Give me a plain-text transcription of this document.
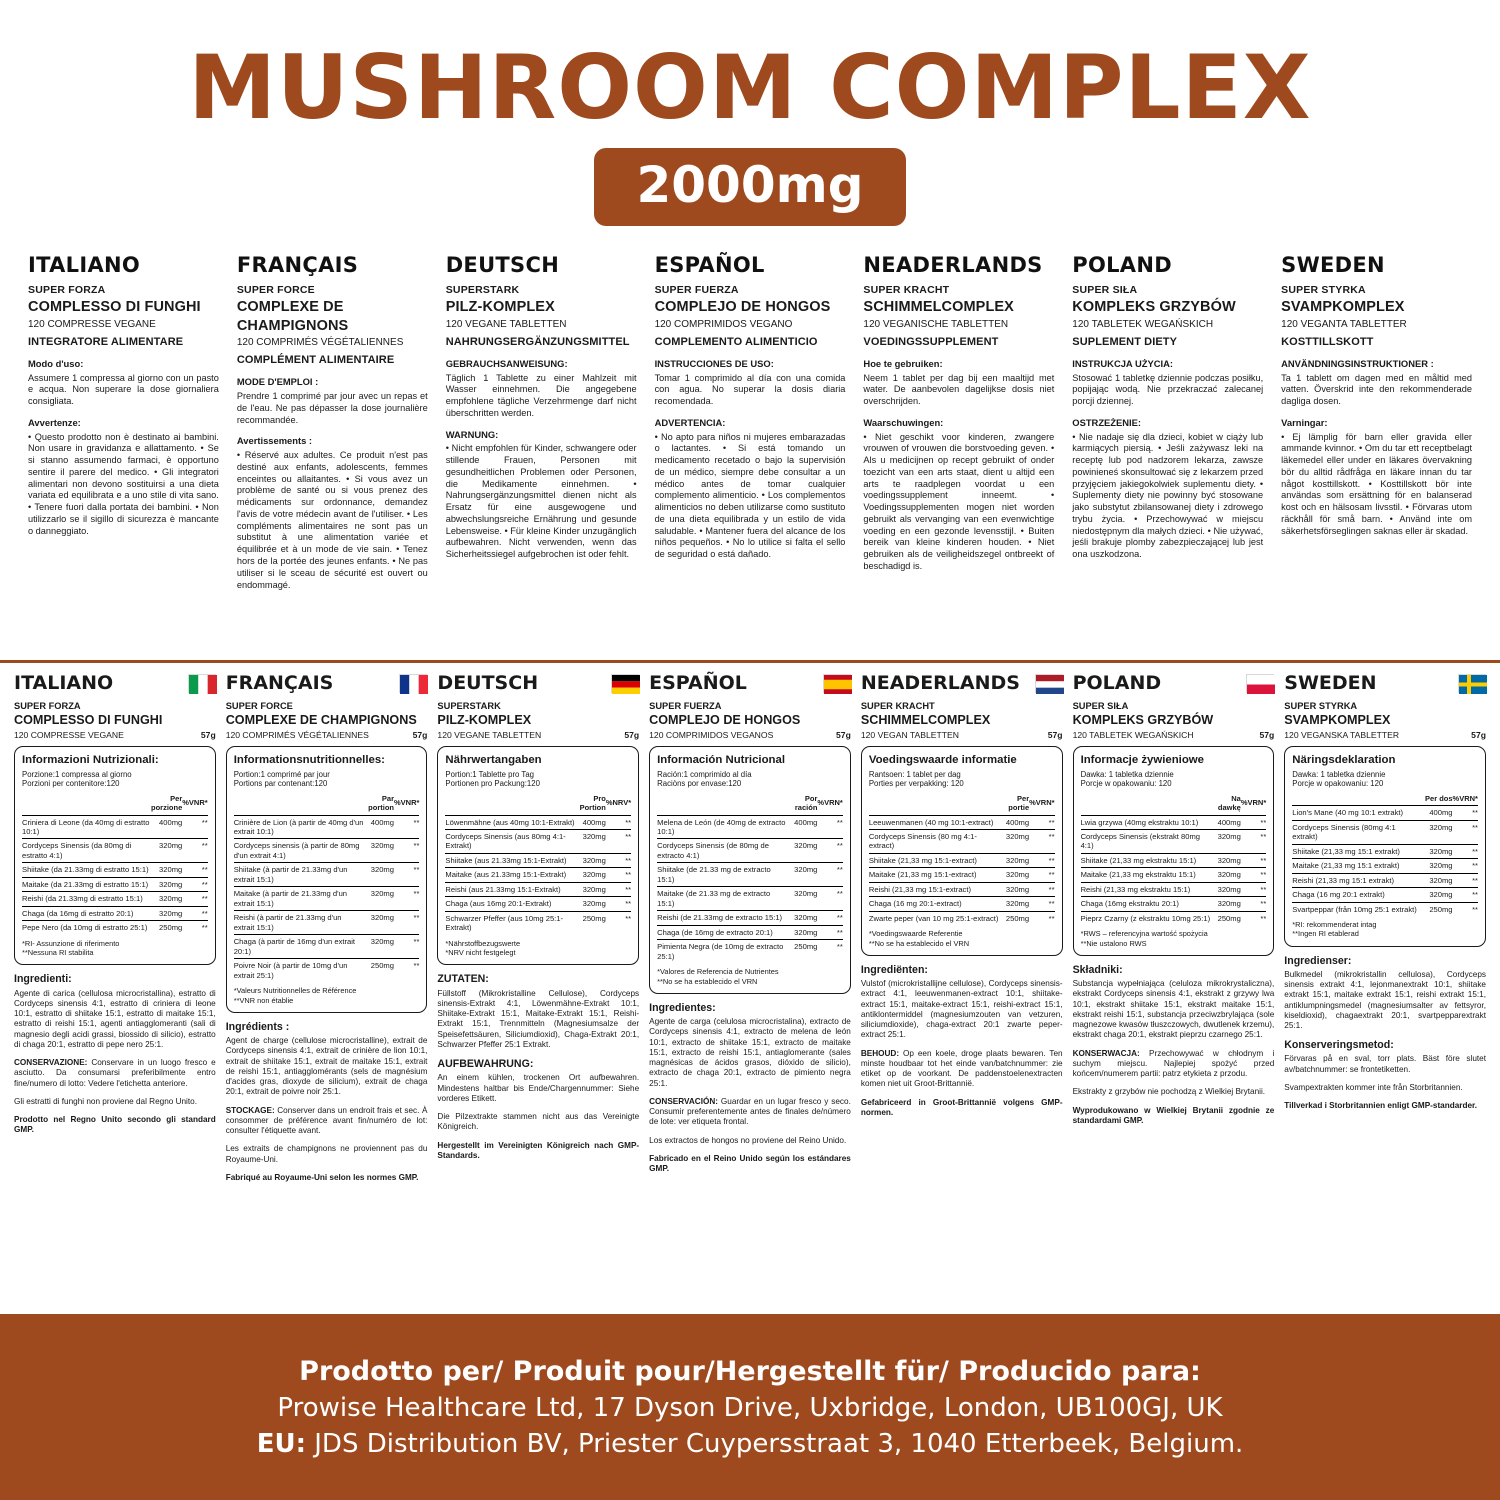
MUSHROOM COMPLEX
2000mg
ITALIANO
SUPER FORZA
COMPLESSO DI FUNGHI
120 COMPRESSE VEGANE
INTEGRATORE ALIMENTARE
Modo d'uso:

Assumere 1 compressa al giorno con un pasto e acqua. Non superare la dose giornaliera consigliata.

Avvertenze:

• Questo prodotto non è destinato ai bambini. Non usare in gravidanza e allattamento. • Se si stanno assumendo farmaci, è opportuno sentire il parere del medico. • Gli integratori alimentari non devono sostituirsi a una dieta variata ed equilibrata e a uno stile di vita sano. • Tenere fuori dalla portata dei bambini. • Non utilizzarlo se il sigillo di sicurezza è mancante o danneggiato.

FRANÇAIS
SUPER FORCE
COMPLEXE DE CHAMPIGNONS
120 COMPRIMÉS VÉGÉTALIENNES
COMPLÉMENT ALIMENTAIRE
MODE D'EMPLOI :

Prendre 1 comprimé par jour avec un repas et de l'eau. Ne pas dépasser la dose journalière recommandée.

Avertissements :

• Réservé aux adultes. Ce produit n'est pas destiné aux enfants, adolescents, femmes enceintes ou allaitantes. • Si vous avez un problème de santé ou si vous prenez des médicaments sur ordonnance, demandez l'avis de votre médecin avant de l'utiliser. • Les compléments alimentaires ne sont pas un substitut à une alimentation variée et équilibrée et à un mode de vie sain. • Tenez hors de la portée des jeunes enfants. • Ne pas utiliser si le sceau de sécurité est ouvert ou endommagé.

DEUTSCH
SUPERSTARK
PILZ-KOMPLEX
120 VEGANE TABLETTEN
NAHRUNGSERGÄNZUNGSMITTEL
GEBRAUCHSANWEISUNG:

Täglich 1 Tablette zu einer Mahlzeit mit Wasser einnehmen. Die angegebene empfohlene tägliche Verzehrmenge darf nicht überschritten werden.

WARNUNG:

• Nicht empfohlen für Kinder, schwangere oder stillende Frauen, Personen mit gesundheitlichen Problemen oder Personen, die Medikamente einnehmen. • Nahrungsergänzungsmittel dienen nicht als Ersatz für eine ausgewogene und abwechslungsreiche Ernährung und gesunde Lebensweise. • Für kleine Kinder unzugänglich aufbewahren. Nicht verwenden, wenn das Sicherheitssiegel aufgebrochen ist oder fehlt.

ESPAÑOL
SUPER FUERZA
COMPLEJO DE HONGOS
120 COMPRIMIDOS VEGANO
COMPLEMENTO ALIMENTICIO
INSTRUCCIONES DE USO:

Tomar 1 comprimido al día con una comida con agua. No superar la dosis diaria recomendada.

ADVERTENCIA:

• No apto para niños ni mujeres embarazadas o lactantes. • Si está tomando un medicamento recetado o bajo la supervisión de un médico, siempre debe consultar a un médico antes de tomar cualquier complemento alimenticio. • Los complementos alimenticios no deben utilizarse como sustituto de una dieta equilibrada y un estilo de vida saludable. • Mantener fuera del alcance de los niños pequeños. • No lo utilice si falta el sello de seguridad o está dañado.

NEADERLANDS
SUPER KRACHT
SCHIMMELCOMPLEX
120 VEGANISCHE TABLETTEN
VOEDINGSSUPPLEMENT
Hoe te gebruiken:

Neem 1 tablet per dag bij een maaltijd met water. De aanbevolen dagelijkse dosis niet overschrijden.

Waarschuwingen:

• Niet geschikt voor kinderen, zwangere vrouwen of vrouwen die borstvoeding geven. • Als u medicijnen op recept gebruikt of onder toezicht van een arts staat, dient u altijd een arts te raadplegen voordat u een voedingssupplement inneemt. • Voedingssupplementen mogen niet worden gebruikt als vervanging van een evenwichtige voeding en een gezonde levensstijl. • Buiten bereik van kleine kinderen houden. • Niet gebruiken als de veiligheidszegel ontbreekt of beschadigd is.

POLAND
SUPER SIŁA
KOMPLEKS GRZYBÓW
120 TABLETEK WEGAŃSKICH
SUPLEMENT DIETY
INSTRUKCJA UŻYCIA:

Stosować 1 tabletkę dziennie podczas posiłku, popijając wodą. Nie przekraczać zalecanej porcji dziennej.

OSTRZEŻENIE:

• Nie nadaje się dla dzieci, kobiet w ciąży lub karmiących piersią. • Jeśli zażywasz leki na receptę lub pod nadzorem lekarza, zawsze powinieneś skonsultować się z lekarzem przed przyjęciem jakiegokolwiek suplementu diety. • Suplementy diety nie powinny być stosowane jako substytut zbilansowanej diety i zdrowego trybu życia. • Przechowywać w miejscu niedostępnym dla małych dzieci. • Nie używać, jeśli brakuje plomby zabezpieczającej lub jest ona uszkodzona.

SWEDEN
SUPER STYRKA
SVAMPKOMPLEX
120 VEGANTA TABLETTER
KOSTTILLSKOTT
ANVÄNDNINGSINSTRUKTIONER :

Ta 1 tablett om dagen med en måltid med vatten. Överskrid inte den rekommenderade dagliga dosen.

Varningar:

• Ej lämplig för barn eller gravida eller ammande kvinnor. • Om du tar ett receptbelagt läkemedel eller under en läkares övervakning bör du alltid rådfråga en läkare innan du tar något kosttillskott. • Kosttillskott bör inte användas som ersättning för en balanserad kost och en hälsosam livsstil. • Förvaras utom räckhåll för små barn. • Använd inte om säkerhetsförseglingen saknas eller är skadad.

ITALIANO
SUPER FORZA
COMPLESSO DI FUNGHI
120 COMPRESSE VEGANE	57g
Informazioni Nutrizionali:
Porzione:1 compressa al giorno
Porzioni per contenitore:120
	Per porzione	%VNR*
Criniera di Leone (da 40mg di estratto 10:1)	400mg	**
Cordyceps Sinensis (da 80mg di estratto 4:1)	320mg	**
Shiitake (da 21.33mg di estratto 15:1)	320mg	**
Maitake (da 21.33mg di estratto 15:1)	320mg	**
Reishi (da 21.33mg di estratto 15:1)	320mg	**
Chaga (da 16mg di estratto 20:1)	320mg	**
Pepe Nero (da 10mg di estratto 25:1)	250mg	**
*RI- Assunzione di riferimento
**Nessuna RI stabilita
Ingredienti:

Agente di carica (cellulosa microcristallina), estratto di Cordyceps sinensis 4:1, estratto di criniera di leone 10:1, estratto di shiitake 15:1, estratto di maitake 15:1, estratto di reishi 15:1, agenti antiagglomeranti (sali di magnesio degli acidi grassi, biossido di silicio), estratto di chaga 20:1, estratto di pepe nero 25:1.

CONSERVAZIONE: Conservare in un luogo fresco e asciutto. Da consumarsi preferibilmente entro fine/numero di lotto: Vedere l'etichetta anteriore.

Gli estratti di funghi non proviene dal Regno Unito.

Prodotto nel Regno Unito secondo gli standard GMP.

FRANÇAIS
SUPER FORCE
COMPLEXE DE CHAMPIGNONS
120 COMPRIMÉS VÉGÉTALIENNES	57g
Informationsnutritionnelles:
Portion:1 comprimé par jour
Portions par contenant:120
	Par portion	%VNR*
Crinière de Lion (à partir de 40mg d'un extrait 10:1)	400mg	**
Cordyceps sinensis (à partir de 80mg d'un extrait 4:1)	320mg	**
Shiitake (à partir de 21.33mg d'un extrait 15:1)	320mg	**
Maitake (à partir de 21.33mg d'un extrait 15:1)	320mg	**
Reishi (à partir de 21.33mg d'un extrait 15:1)	320mg	**
Chaga (à partir de 16mg d'un extrait 20:1)	320mg	**
Poivre Noir (à partir de 10mg d'un extrait 25:1)	250mg	**
*Valeurs Nutritionnelles de Référence
**VNR non établie
Ingrédients :

Agent de charge (cellulose microcristalline), extrait de Cordyceps sinensis 4:1, extrait de crinière de lion 10:1, extrait de shiitake 15:1, extrait de maitake 15:1, extrait de reishi 15:1, antiagglomérants (sels de magnésium d'acides gras, dioxyde de silicium), extrait de chaga 20:1, extrait de poivre noir 25:1.

STOCKAGE: Conserver dans un endroit frais et sec. À consommer de préférence avant fin/numéro de lot: consulter l'étiquette avant.

Les extraits de champignons ne proviennent pas du Royaume-Uni.

Fabriqué au Royaume-Uni selon les normes GMP.

DEUTSCH
SUPERSTARK
PILZ-KOMPLEX
120 VEGANE TABLETTEN	57g
Nährwertangaben
Portion:1 Tablette pro Tag
Portionen pro Packung:120
	Pro Portion	%NRV*
Löwenmähne (aus 40mg 10:1-Extrakt)	400mg	**
Cordyceps Sinensis (aus 80mg 4:1-Extrakt)	320mg	**
Shiitake (aus 21.33mg 15:1-Extrakt)	320mg	**
Maitake (aus 21.33mg 15:1-Extrakt)	320mg	**
Reishi (aus 21.33mg 15:1-Extrakt)	320mg	**
Chaga (aus 16mg 20:1-Extrakt)	320mg	**
Schwarzer Pfeffer (aus 10mg 25:1-Extrakt)	250mg	**
*Nährstoffbezugswerte
*NRV nicht festgelegt
ZUTATEN:

Füllstoff (Mikrokristalline Cellulose), Cordyceps sinensis-Extrakt 4:1, Löwenmähne-Extrakt 10:1, Shiitake-Extrakt 15:1, Maitake-Extrakt 15:1, Reishi-Extrakt 15:1, Trennmitteln (Magnesiumsalze der Speisefettsäuren, Siliciumdioxid), Chaga-Extrakt 20:1, Schwarzer Pfeffer 25:1 Extrakt.

AUFBEWAHRUNG:

An einem kühlen, trockenen Ort aufbewahren. Mindestens haltbar bis Ende/Chargennummer: Siehe vorderes Etikett.

Die Pilzextrakte stammen nicht aus das Vereinigte Königreich.

Hergestellt im Vereinigten Königreich nach GMP-Standards.

ESPAÑOL
SUPER FUERZA
COMPLEJO DE HONGOS
120 COMPRIMIDOS VEGANOS	57g
Información Nutricional
Ración:1 comprimido al día
Raciòns por envase:120
	Por ración	%VRN*
Melena de León (de 40mg de extracto 10:1)	400mg	**
Cordyceps Sinensis (de 80mg de extracto 4:1)	320mg	**
Shiitake (de 21.33 mg de extracto 15:1)	320mg	**
Maitake (de 21.33 mg de extracto 15:1)	320mg	**
Reishi (de 21.33mg de extracto 15:1)	320mg	**
Chaga (de 16mg de extracto 20:1)	320mg	**
Pimienta Negra (de 10mg de extracto 25:1)	250mg	**
*Valores de Referencia de Nutrientes
**No se ha establecido el VRN
Ingredientes:

Agente de carga (celulosa microcristalina), extracto de Cordyceps sinensis 4:1, extracto de melena de león 10:1, extracto de shiitake 15:1, extracto de maitake 15:1, extracto de reishi 15:1, antiaglomerante (sales magnésicas de ácidos grasos, dióxido de silicio), extracto de chaga 20:1, extracto de pimiento negra 25:1.

CONSERVACIÓN: Guardar en un lugar fresco y seco. Consumir preferentemente antes de finales de/número de lote: ver etiqueta frontal.

Los extractos de hongos no proviene del Reino Unido.

Fabricado en el Reino Unido según los estándares GMP.

NEADERLANDS
SUPER KRACHT
SCHIMMELCOMPLEX
120 VEGAN TABLETTEN	57g
Voedingswaarde informatie
Rantsoen: 1 tablet per dag
Porties per verpakking: 120
	Per portie	%VRN*
Leeuwenmanen (40 mg 10:1-extract)	400mg	**
Cordyceps Sinensis (80 mg 4:1-extract)	320mg	**
Shiitake (21,33 mg 15:1-extract)	320mg	**
Maitake (21,33 mg 15:1-extract)	320mg	**
Reishi (21,33 mg 15:1-extract)	320mg	**
Chaga (16 mg 20:1-extract)	320mg	**
Zwarte peper (van 10 mg 25:1-extract)	250mg	**
*Voedingswaarde Referentie
**No se ha establecido el VRN
Ingrediënten:

Vulstof (microkristallijne cellulose), Cordyceps sinensis-extract 4:1, leeuwenmanen-extract 10:1, shiitake-extract 15:1, maitake-extract 15:1, reishi-extract 15:1, antiklontermiddel (magnesiumzouten van vetzuren, siliciumdioxide), chaga-extract 20:1 zwarte peper-extract 25:1.

BEHOUD: Op een koele, droge plaats bewaren. Ten minste houdbaar tot het einde van/batchnummer: zie etiket op de voorkant. De paddenstoelenextracten komen niet uit Groot-Brittannië.

Gefabriceerd in Groot-Brittannië volgens GMP-normen.

POLAND
SUPER SIŁA
KOMPLEKS GRZYBÓW
120 TABLETEK WEGAŃSKICH	57g
Informacje żywieniowe
Dawka: 1 tabletka dziennie
Porcje w opakowaniu: 120
	Na dawkę	%VRN*
Lwia grzywa (40mg ekstraktu 10:1)	400mg	**
Cordyceps Sinensis (ekstrakt 80mg 4:1)	320mg	**
Shiitake (21,33 mg ekstraktu 15:1)	320mg	**
Maitake (21,33 mg ekstraktu 15:1)	320mg	**
Reishi (21,33 mg ekstraktu 15:1)	320mg	**
Chaga (16mg ekstraktu 20:1)	320mg	**
Pieprz Czarny (z ekstraktu 10mg 25:1)	250mg	**
*RWS – referencyjna wartość spożycia
**Nie ustalono RWS
Składniki:

Substancja wypełniająca (celuloza mikrokrystaliczna), ekstrakt Cordyceps sinensis 4:1, ekstrakt z grzywy lwa 10:1, ekstrakt shiitake 15:1, ekstrakt maitake 15:1, ekstrakt reishi 15:1, substancja przeciwzbrylająca (sole magnezowe kwasów tłuszczowych, dwutlenek krzemu), ekstrakt chaga 20:1, ekstrakt pieprzu czarnego 25:1.

KONSERWACJA: Przechowywać w chłodnym i suchym miejscu. Najlepiej spożyć przed końcem/numerem partii: patrz etykieta z przodu.

Ekstrakty z grzybów nie pochodzą z Wielkiej Brytanii.

Wyprodukowano w Wielkiej Brytanii zgodnie ze standardami GMP.

SWEDEN
SUPER STYRKA
SVAMPKOMPLEX
120 VEGANSKA TABLETTER	57g
Näringsdeklaration
Dawka: 1 tabletka dziennie
Porcje w opakowaniu: 120
	Per dos	%VRN*
Lion's Mane (40 mg 10:1 extrakt)	400mg	**
Cordyceps Sinensis (80mg 4:1 extrakt)	320mg	**
Shiitake (21,33 mg 15:1 extrakt)	320mg	**
Maitake (21,33 mg 15:1 extrakt)	320mg	**
Reishi (21,33 mg 15:1 extrakt)	320mg	**
Chaga (16 mg 20:1 extrakt)	320mg	**
Svartpeppar (från 10mg 25:1 extrakt)	250mg	**
*RI: rekommenderat intag
**Ingen RI etablerad
Ingredienser:

Bulkmedel (mikrokristallin cellulosa), Cordyceps sinensis extrakt 4:1, lejonmanextrakt 10:1, shiitake extrakt 15:1, maitake extrakt 15:1, reishi extrakt 15:1, antiklumpningsmedel (magnesiumsalter av fettsyror, kiseldioxid), chagaextrakt 20:1, svartpepparextrakt 25:1.

Konserveringsmetod:

Förvaras på en sval, torr plats. Bäst före slutet av/batchnummer: se frontetiketten.

Svampextrakten kommer inte från Storbritannien.

Tillverkad i Storbritannien enligt GMP-standarder.

Prodotto per/ Produit pour/Hergestellt für/ Producido para:
Prowise Healthcare Ltd, 17 Dyson Drive, Uxbridge, London, UB100GJ, UK
EU: JDS Distribution BV, Priester Cuypersstraat 3, 1040 Etterbeek, Belgium.
